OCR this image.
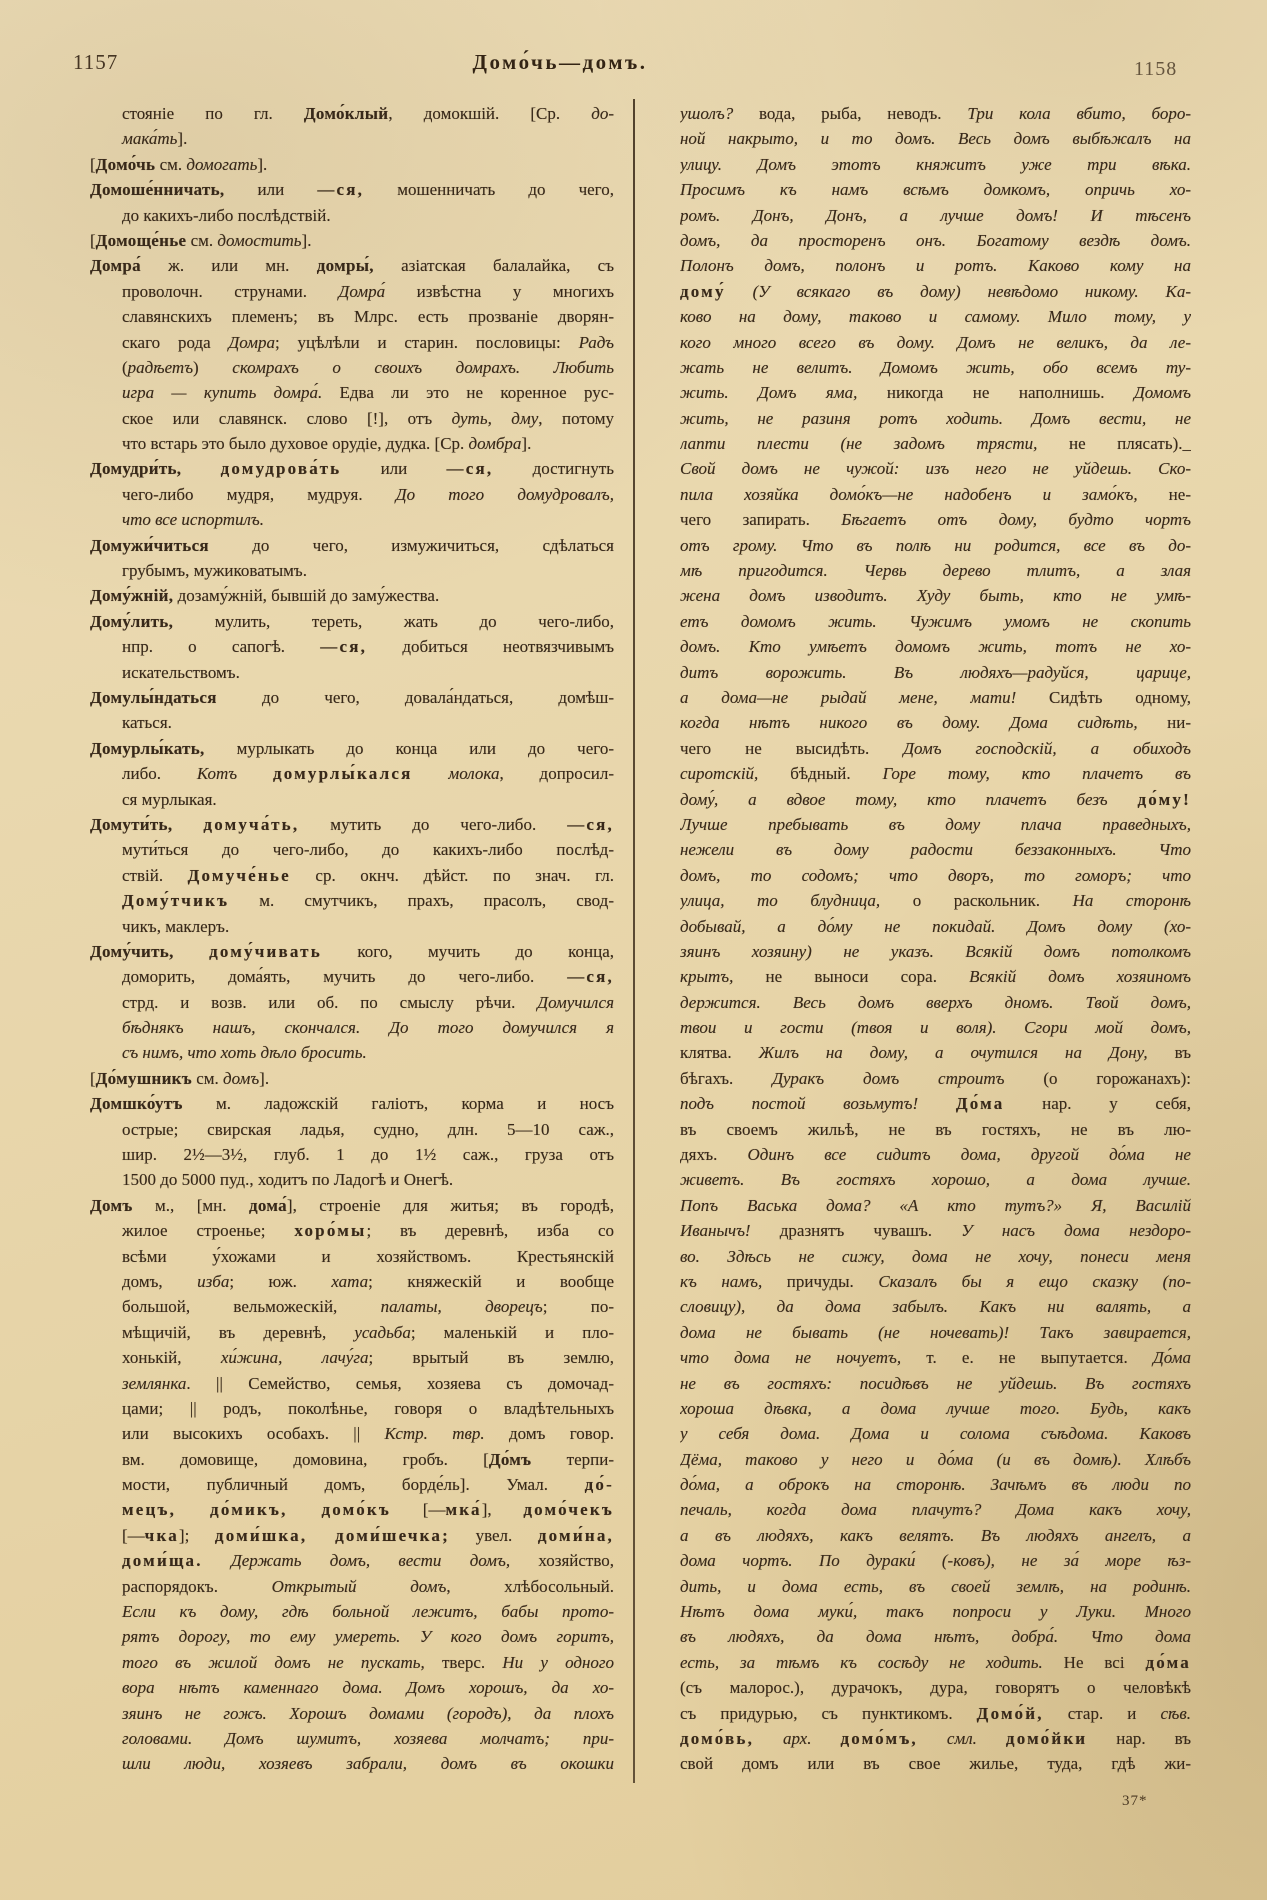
1157	Домо́чь—домъ.	1158
стояніе по гл. Домо́клый, домокшій. [Ср. до-
мака́ть].
[Домо́чь см. домогать].
Домоше́нничать, или —ся, мошенничать до чего,
до какихъ-либо послѣдствій.
[Домоще́нье см. домостить].
Домра́ ж. или мн. домры́, азіатская балалайка, съ
проволочн. струнами. Домра́ извѣстна у многихъ
славянскихъ племенъ; въ Млрс. есть прозваніе дворян-
скаго рода Домра; уцѣлѣли и старин. пословицы: Радъ
(радѣетъ) скомрахъ о своихъ домрахъ. Любить
игра — купить домра́. Едва ли это не коренное рус-
ское или славянск. слово [!], отъ дуть, дму, потому
что встарь это было духовое орудіе, дудка. [Ср. домбра].
Домудри́ть, домудрова́ть или —ся, достигнуть
чего-либо мудря, мудруя. До того домудровалъ,
что все испортилъ.
Домужи́читься до чего, измужичиться, сдѣлаться
грубымъ, мужиковатымъ.
Дому́жній, дозаму́жній, бывшій до заму́жества.
Дому́лить, мулить, тереть, жать до чего-либо,
нпр. о сапогѣ. —ся, добиться неотвязчивымъ
искательствомъ.
Домулы́ндаться до чего, довала́ндаться, домѣш-
каться.
Домурлы́кать, мурлыкать до конца или до чего-
либо. Котъ домурлы́кался молока, допросил-
ся мурлыкая.
Домути́ть, домуча́ть, мутить до чего-либо. —ся,
мути́ться до чего-либо, до какихъ-либо послѣд-
ствій. Домуче́нье ср. окнч. дѣйст. по знач. гл.
Дому́тчикъ м. смутчикъ, прахъ, прасолъ, свод-
чикъ, маклеръ.
Дому́чить, дому́чивать кого, мучить до конца,
доморить, дома́ять, мучить до чего-либо. —ся,
стрд. и возв. или об. по смыслу рѣчи. Домучился
бѣднякъ нашъ, скончался. До того домучился я
съ нимъ, что хоть дѣло бросить.
[До́мушникъ см. домъ].
Домшко́утъ м. ладожскій галіотъ, корма и носъ
острые; свирская ладья, судно, длн. 5—10 саж.,
шир. 2½—3½, глуб. 1 до 1½ саж., груза отъ
1500 до 5000 пуд., ходитъ по Ладогѣ и Онегѣ.
Домъ м., [мн. дома́], строеніе для житья; въ городѣ,
жилое строенье; хоро́мы; въ деревнѣ, изба со
всѣми у́хожами и хозяйствомъ. Крестьянскій
домъ, изба; юж. хата; княжескій и вообще
большой, вельможескій, палаты, дворецъ; по-
мѣщичій, въ деревнѣ, усадьба; маленькій и пло-
хонькій, хи́жина, лачу́га; врытый въ землю,
землянка. || Семейство, семья, хозяева съ домочад-
цами; || родъ, поколѣнье, говоря о владѣтельныхъ
или высокихъ особахъ. || Кстр. твр. домъ говор.
вм. домовище, домовина, гробъ. [До́мъ терпи-
мости, публичный домъ, борде́ль]. Умал. до́-
мецъ, до́микъ, домо́къ [—мка́], домо́чекъ
[—чка]; доми́шка, доми́шечка; увел. доми́на,
доми́ща. Держать домъ, вести домъ, хозяйство,
распорядокъ. Открытый домъ, хлѣбосольный.
Если къ дому, гдѣ больной лежитъ, бабы прото-
рятъ дорогу, то ему умереть. У кого домъ горитъ,
того въ жилой домъ не пускать, тверс. Ни у одного
вора нѣтъ каменнаго дома. Домъ хорошъ, да хо-
зяинъ не гожъ. Хорошъ домами (городъ), да плохъ
головами. Домъ шумитъ, хозяева молчатъ; при-
шли люди, хозяевъ забрали, домъ въ окошки
ушолъ? вода, рыба, неводъ. Три кола вбито, боро-
ной накрыто, и то домъ. Весь домъ выбѣжалъ на
улицу. Домъ этотъ княжитъ уже три вѣка.
Просимъ къ намъ всѣмъ домкомъ, опричь хо-
ромъ. Донъ, Донъ, а лучше домъ! И тѣсенъ
домъ, да просторенъ онъ. Богатому вездѣ домъ.
Полонъ домъ, полонъ и ротъ. Каково кому на
дому́ (У всякаго въ дому) невѣдомо никому. Ка-
ково на дому, таково и самому. Мило тому, у
кого много всего въ дому. Домъ не великъ, да ле-
жать не велитъ. Домомъ жить, обо всемъ ту-
жить. Домъ яма, никогда не наполнишь. Домомъ
жить, не разиня ротъ ходить. Домъ вести, не
лапти плести (не задомъ трясти, не плясать)._
Свой домъ не чужой: изъ него не уйдешь. Ско-
пила хозяйка домо́къ—не надобенъ и замо́къ, не-
чего запирать. Бѣгаетъ отъ дому, будто чортъ
отъ грому. Что въ полѣ ни родится, все въ до-
мѣ пригодится. Червь дерево тлитъ, а злая
жена домъ изводитъ. Худу быть, кто не умѣ-
етъ домомъ жить. Чужимъ умомъ не скопить
домъ. Кто умѣетъ домомъ жить, тотъ не хо-
дитъ ворожить. Въ людяхъ—радуйся, царице,
а дома—не рыдай мене, мати! Сидѣть одному,
когда нѣтъ никого въ дому. Дома сидѣть, ни-
чего не высидѣть. Домъ господскій, а обиходъ
сиротскій, бѣдный. Горе тому, кто плачетъ въ
дому́, а вдвое тому, кто плачетъ безъ до́му!
Лучше пребывать въ дому плача праведныхъ,
нежели въ дому радости беззаконныхъ. Что
домъ, то содомъ; что дворъ, то гоморъ; что
улица, то блудница, о раскольник. На сторонѣ
добывай, а до́му не покидай. Домъ дому (хо-
зяинъ хозяину) не указъ. Всякій домъ потолкомъ
крытъ, не выноси сора. Всякій домъ хозяиномъ
держится. Весь домъ вверхъ дномъ. Твой домъ,
твои и гости (твоя и воля). Сгори мой домъ,
клятва. Жилъ на дому, а очутился на Дону, въ
бѣгахъ. Дуракъ домъ строитъ (о горожанахъ):
подъ постой возьмутъ! До́ма нар. у себя,
въ своемъ жильѣ, не въ гостяхъ, не въ лю-
дяхъ. Одинъ все сидитъ дома, другой до́ма не
живетъ. Въ гостяхъ хорошо, а дома лучше.
Попъ Васька дома? «А кто тутъ?» Я, Василій
Иванычъ! дразнятъ чувашъ. У насъ дома нездоро-
во. Здѣсь не сижу, дома не хочу, понеси меня
къ намъ, причуды. Сказалъ бы я ещо сказку (по-
словицу), да дома забылъ. Какъ ни валять, а
дома не бывать (не ночевать)! Такъ завирается,
что дома не ночуетъ, т. е. не выпутается. До́ма
не въ гостяхъ: посидѣвъ не уйдешь. Въ гостяхъ
хороша дѣвка, а дома лучше того. Будь, какъ
у себя дома. Дома и солома съѣдома. Каковъ
Дёма, таково у него и до́ма (и въ домѣ). Хлѣбъ
до́ма, а оброкъ на сторонѣ. Зачѣмъ въ люди по
печаль, когда дома плачутъ? Дома какъ хочу,
а въ людяхъ, какъ велятъ. Въ людяхъ ангелъ, а
дома чортъ. По дураки́ (-ковъ), не за́ море ѣз-
дить, и дома есть, въ своей землѣ, на родинѣ.
Нѣтъ дома муки́, такъ попроси у Луки. Много
въ людяхъ, да дома нѣтъ, добра́. Что дома
есть, за тѣмъ къ сосѣду не ходить. Не всі до́ма
(съ малорос.), дурачокъ, дура, говорятъ о человѣкѣ
съ придурью, съ пунктикомъ. Домо́й, стар. и сѣв.
домо́вь, арх. домо́мъ, смл. домо́йки нар. въ
свой домъ или въ свое жилье, туда, гдѣ жи-
37*
